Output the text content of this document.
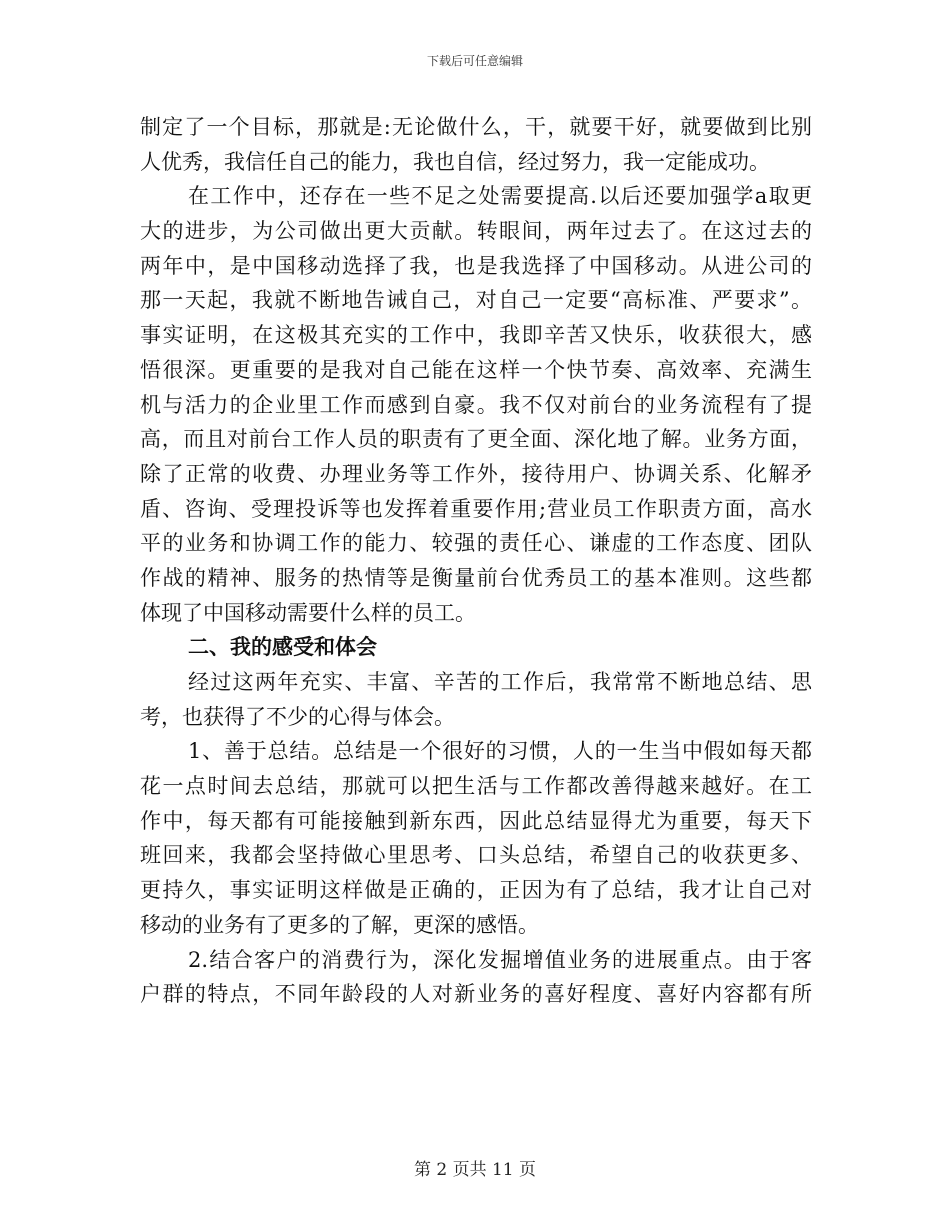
下载后可任意编辑
制定了一个目标，那就是:无论做什么，干，就要干好，就要做到比别
人优秀，我信任自己的能力，我也自信，经过努力，我一定能成功。
在工作中，还存在一些不足之处需要提高.以后还要加强学a取更
大的进步，为公司做出更大贡献。转眼间，两年过去了。在这过去的
两年中，是中国移动选择了我，也是我选择了中国移动。从进公司的
那一天起，我就不断地告诫自己，对自己一定要“高标准、严要求”。
事实证明，在这极其充实的工作中，我即辛苦又快乐，收获很大，感
悟很深。更重要的是我对自己能在这样一个快节奏、高效率、充满生
机与活力的企业里工作而感到自豪。我不仅对前台的业务流程有了提
高，而且对前台工作人员的职责有了更全面、深化地了解。业务方面，
除了正常的收费、办理业务等工作外，接待用户、协调关系、化解矛
盾、咨询、受理投诉等也发挥着重要作用;营业员工作职责方面，高水
平的业务和协调工作的能力、较强的责任心、谦虚的工作态度、团队
作战的精神、服务的热情等是衡量前台优秀员工的基本准则。这些都
体现了中国移动需要什么样的员工。
二、我的感受和体会
经过这两年充实、丰富、辛苦的工作后，我常常不断地总结、思
考，也获得了不少的心得与体会。
1、善于总结。总结是一个很好的习惯，人的一生当中假如每天都
花一点时间去总结，那就可以把生活与工作都改善得越来越好。在工
作中，每天都有可能接触到新东西，因此总结显得尤为重要，每天下
班回来，我都会坚持做心里思考、口头总结，希望自己的收获更多、
更持久，事实证明这样做是正确的，正因为有了总结，我才让自己对
移动的业务有了更多的了解，更深的感悟。
2.结合客户的消费行为，深化发掘增值业务的进展重点。由于客
户群的特点，不同年龄段的人对新业务的喜好程度、喜好内容都有所
第 2 页共 11 页
